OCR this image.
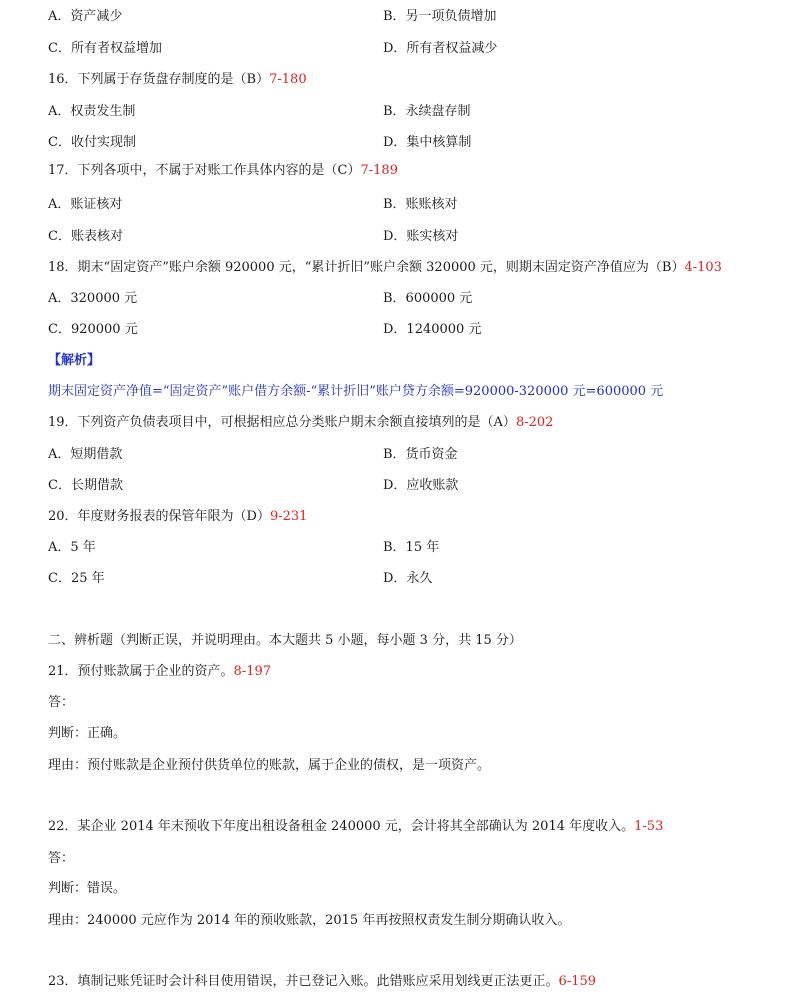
A．资产减少	B．另一项负债增加
C．所有者权益增加	D．所有者权益减少
16．下列属于存货盘存制度的是（B）7-180
A．权责发生制	B．永续盘存制
C．收付实现制	D．集中核算制
17．下列各项中，不属于对账工作具体内容的是（C）7-189
A．账证核对	B．账账核对
C．账表核对	D．账实核对
18．期末“固定资产”账户余额 920000 元，“累计折旧”账户余额 320000 元，则期末固定资产净值应为（B）4-103
A．320000 元	B．600000 元
C．920000 元	D．1240000 元
【解析】
期末固定资产净值=“固定资产”账户借方余额-“累计折旧”账户贷方余额=920000-320000 元=600000 元
19．下列资产负债表项目中，可根据相应总分类账户期末余额直接填列的是（A）8-202
A．短期借款	B．货币资金
C．长期借款	D．应收账款
20．年度财务报表的保管年限为（D）9-231
A．5 年	B．15 年
C．25 年	D．永久
二、辨析题（判断正误，并说明理由。本大题共 5 小题，每小题 3 分，共 15 分）
21．预付账款属于企业的资产。8-197
答：
判断：正确。
理由：预付账款是企业预付供货单位的账款，属于企业的债权，是一项资产。
22．某企业 2014 年末预收下年度出租设备租金 240000 元，会计将其全部确认为 2014 年度收入。1-53
答：
判断：错误。
理由：240000 元应作为 2014 年的预收账款，2015 年再按照权责发生制分期确认收入。
23．填制记账凭证时会计科目使用错误，并已登记入账。此错账应采用划线更正法更正。6-159
